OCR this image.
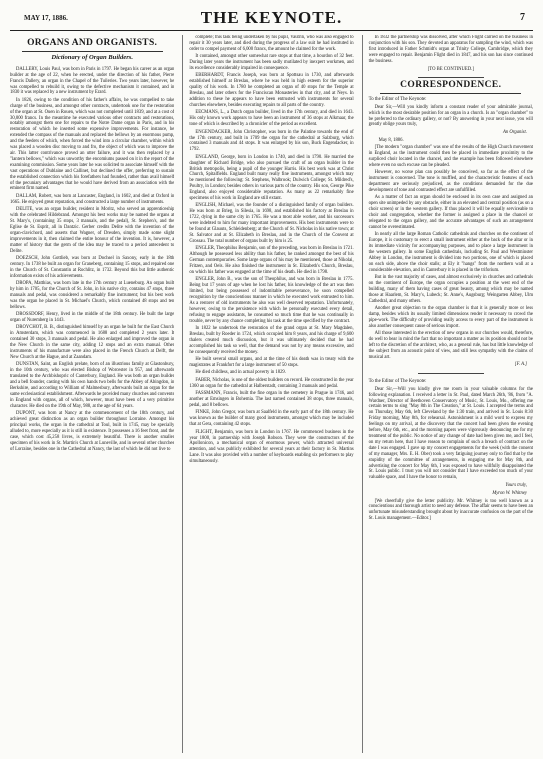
MAY 17, 1886.	THE KEYNOTE.	7
ORGANS AND ORGANISTS.
Dictionary of Organ Builders.

DALLERY, Louis Paul, was born in Paris in 1797. He began his career as an organ builder at the age of 22, when he erected, under the direction of his father, Pierre Francis Dallery, an organ in the Chapel of the Tuileries. Two years later, however, he was compelled to rebuild it, owing to the defective mechanism it contained, and in 1830 it was replaced by a new instrument by Erard.

In 1826, owing to the condition of his father's affairs, he was compelled to take charge of the business, and amongst other contracts, undertook one for the restoration of the organ at St. Ouen in Rouen, which was not completed until 1839, and at a cost of 30,000 francs. In the meantime he executed various other contracts and restorations, notably amongst them one for repairs to the Notre Dame organ in Paris, and in his restoration of which he inserted some expensive improvements. For instance, he extended the compass of the manuals and replaced the bellows by an enormous pump, and the feeders of which, when forced the wind into a circular chamber, within which was placed a wooden disc moving to and fro, the object of which was to improve the air. This latter contrivance proved an utter failure, and it was then replaced by a "lantern bellows," which was unworthy the encomiums passed on it in the report of the examining commission. Some years later he was solicited to associate himself with the vast operations of Dublaine and Callinet, but declined the offer, preferring to sustain the established connection which his forefathers had founded, rather than avail himself of the pecuniary advantages that he would have derived from an association with the eminent firm named.

DALLAM, Robert, was born at Lancaster, England, in 1602, and died at Oxford in 1665. He enjoyed great reputation, and constructed a large number of instruments.

DELITE, was an organ builder, resident in Moritz, who served an apprenticeship with the celebrated Hildebrand. Amongst his best works may be named the organs at St. Mary's, (containing 35 stops, 3 manuals, and the pedal), St. Stephen's, and the Eglise de St. Esprit, all in Dantzic. Gerber credits Delite with the invention of the organ-clavichord, and asserts that Wagner, of Dresden, simply made some slight improvements in it, then claimed the entire honour of the invention. It is, however, a matter of history that the germ of the idea may be traced to a period antecedent to Delite.

DOEZSCH, John Gottlieb, was born at Dochsel in Saxony, early in the 18th century. In 1738 he built an organ for Graneberg, containing 15 stops, and repaired one in the Church of St. Constantin at Rochlitz, in 1732. Beyond this but little authentic information exists of his achievements.

DROPA, Matthias, was born late in the 17th century at Lueneburg. An organ built by him in 1705, for the Church of St. John, in his native city, contains 47 stops, three manuals and pedal, was considered a remarkably fine instrument; but his best work was the organ he placed in St. Michael's Church, which contained 48 stops and ten bellows.

DROSSDORF, Henry, lived in the middle of the 18th century. He built the large organ of Nuremberg in 1443.

DROYCHOT, B. B., distinguished himself by an organ he built for the East Church in Amsterdam, which was commenced in 1688 and completed 2 years later. It contained 30 stops, 3 manuals and pedal. He also enlarged and improved the organ in the New Church in the same city, adding 12 stops and an extra manual. Other instruments of his manufacture were also placed in the French Church at Delft, the New Church at the Hague, and at Zaandam.

DUNSTAN, Saint, an English prelate, born of an illustrious family at Glastonbury, in the 10th century, who was elected Bishop of Worcester in 957, and afterwards translated to the Archbishopric of Canterbury, England. He was both an organ builder and a bell founder, casting with his own hands two bells for the Abbey of Abingdon, in Berkshire, and according to William of Malmesbury, afterwards built an organ for the same ecclesiastical establishment. Afterwards he provided many churches and convents in England with organs, all of which, however, must have been of a very primitive character. He died on the 19th of May, 988, at the age of 64 years.

DUPONT, was born at Nancy at the commencement of the 18th century, and achieved great distinction as an organ builder throughout Lorraine. Amongst his principal works, the organ in the cathedral at Toul, built in 1745, may be specially alluded to, more especially as it is still in existence. It possesses a 16 feet front, and the case, which cost 45,258 livres, is extremely beautiful. There is another smaller specimen of his work in St. Martin's Church at Luneville, and in several other churches of Lorraine, besides one in the Cathedral at Nancy, the last of which he did not live to

complete; this task being undertaken by his pupil, Vautrin, who was also engaged to repair it 30 years later, and died during the progress of a law suit he had instituted in order to compel payment of 6,000 francs, the amount he claimed for the work.

It contained, amongst other somewhat rare stops at that time, a bourdon of 32 feet. During later years the instrument has been sadly mutilated by inexpert workmen, and its excellence considerably impaired in consequence.

EBERHARDT, Francis Joseph, was born at Spottsau in 1730, and afterwards established himself at Breslau, where he was held in high esteem for the superior quality of his work. In 1780 he completed an organ of 40 stops for the Temple at Breslau, and later others for the Franciscan Monasteries in that city, and at Neys. In addition to these he appears to have been entrusted with instruments for several churches elsewhere, besides executing repairs to all parts of the country.

EECMANS, L., a Dutch organ builder, lived in the 17th century, and died in 1643. His only known work appears to have been an instrument of 36 stops at Alkmaar, the tone of which is described by a chronicler of the period as excellent.

ENGENDACKER, John Christopher, was born in the Palatine towards the end of the 17th century, and built in 1709 the organ for the cathedral at Salzburg, which contained 3 manuals and 44 stops. It was enlarged by his son, Buck Engendacker, in 1792.

ENGLAND, George, born in London in 1740, and died in 1790. He married the daughter of Richard Bridge, who also pursued the craft of an organ builder in the British metropolis, being a pupil of the younger Harris. His best work was at Christ Church, Spitalfields. England built many really fine instruments, amongst which may be mentioned the following: St. Stephens, Walbrook; Dulwich College; St. Mildred's, Poultry, in London; besides others in various parts of the country. His son, George Pike England, also enjoyed considerable reputation. As many as 22 remarkably fine specimens of his work in England are still extant.

ENGLISH, Michael, was the founder of a distinguished family of organ builders. He was born at Brieg, in Silesia, in 1698, and established his factory at Breslau in 1722, dying in the same city in 1765. He was a most able worker, and his successors were indebted to him for many important improvements. His best instruments were to be found at Glauuts, Schleidenberg; at the Church of St. Nicholas in his native town; at St. Salvator and at St. Elizabeth in Breslau, and in the Church of the Convent at Grossau. The total number of organs built by him is 25.

ENGLER, Theophilus Benjamin, son of the preceding, was born in Breslau in 1721. Although he possessed less ability than his father, he ranked amongst the best of his German contemporaries. Some large organs of his may be mentioned, those at Nikolai, Fritzen, and Oels. He also finished the instrument in St. Elizabeth's Church, Breslau, on which his father was engaged at the time of his death. He died in 1798.

ENGLER, John B., was the son of Theophilus, and was born in Breslau in 1775. Being but 17 years of age when he lost his father, his knowledge of the art was then limited, but being possessed of indomitable perseverance, he soon compelled recognition by the conscientious manner in which he executed work entrusted to him. As a restorer of old instruments he also was well deserved reputation. Unfortunately, however, owing to the persistence with which he personally executed every detail, refusing to engage assistants, he consumed so much time that he was continually in trouble, never by any chance completing his task at the time specified by the contract.

In 1822 he undertook the restoration of the grand organ at St. Mary Magdalen, Breslau, built by Roeder in 1724, which occupied him 8 years, and his charge of 9,600 thalers created much discussion, but it was ultimately decided that he had accomplished his task so well, that the demand was not by any means excessive, and he consequently received the money.

He built several small organs, and at the time of his death was in treaty with the magistrates at Frankfort for a large instrument of 50 stops.

He died childless, and in actual poverty in 1829.

FABER, Nicholas, is one of the oldest builders on record. He constructed in the year 1360 an organ for the cathedral at Halberstadt, containing 3 manuals and pedal.

FASSMANN, Francis, built the fine organ in the cemetery in Prague in 1746, and another at Emsingen in Bohemia. The last named contained 38 stops, three manuals, pedal, and 8 bellows.

FINKE, John Gregor, was born at Saalfeld in the early part of the 18th century. He was known as the builder of many good instruments, amongst which may be included that at Gera, containing 42 stops.

FLIGHT, Benjamin, was born in London in 1767. He commenced business in the year 1800, in partnership with Joseph Robson. They were the constructors of the Apollonicon, a mechanical organ of enormous power, which attracted universal attention, and was publicly exhibited for several years at their factory in St. Martins Lane. It was also provided with a number of keyboards enabling six performers to play simultaneously.

In 1832 the partnership was dissolved, after which Flight carried on the business in conjunction with his son. They devoted an apparatus for sampling the wind, which was first introduced in Father Schmidt's organ at Trinity College, Cambridge, which they were engaged to repair. Benjamin Flight died in 1847, and his son has since continued the business.

[TO BE CONTINUED.]

CORRESPONDENCE.

To the Editor of The Keynote:

Dear Sir,—Will you kindly inform a constant reader of your admirable journal, which is the most desirable position for an organ in a church. Is an "organ chamber" to be preferred to the ordinary gallery, or not? By answering in your next issue, you will greatly oblige yours truly,

An Organist.

May 8, 1886.

[The modern "organ chamber" was one of the results of the High Church movement in England, as the instrument could then be placed in immediate proximity to the surpliced choir located in the chancel, and the example has been followed elsewhere where even no such excuse can be pleaded.

However, no worse plan can possibly be conceived, so far as the effect of the instrument is concerned. The tone is muffled, and the characteristic features of each department are seriously prejudiced, as the conditions demanded for the due development of tone and contrasted effect are unfulfilled.

As a matter of fact an organ should be enclosed in its own case and assigned an open site unimpeded by any obstacle, either in an elevated and central position (as on a choir screen) or in the western gallery. If thus placed it will be equally serviceable to choir and congregation, whether the former is assigned a place in the chancel or relegated to the organ gallery, and the accurate advantages of such an arrangement cannot be overestimated.

In nearly all the large Roman Catholic cathedrals and churches on the continent of Europe, it is customary to erect a small instrument either at the back of the altar or in its immediate vicinity for accompanying purposes, and to place a large instrument in the western gallery. In some English cathedrals, including St. Paul and Westminster Abbey in London, the instrument is divided into two portions, one of which is placed on each side, above the choir stalls; at Ely it "hangs" from the northern wall at a considerable elevation, and in Canterbury it is placed in the triforium.

But in the vast majority of cases, and almost exclusively in churches and cathedrals on the continent of Europe, the organ occupies a position at the west end of the building, many of them having cases of great beauty, among which may be named those at Haarlem, St. Mary's, Lubeck; St. Anne's, Augsburg; Weingarten Abbey, Ulm Cathedral, and many others.

Another great objection to the organ chamber is that it is generally more or less damp, besides which its usually limited dimensions render it necessary to crowd the pipe-work. The difficulty of providing really access to every part of the instrument is also another consequent cause of serious import.

All those interested in the erection of new organs in our churches would, therefore, do well to bear in mind the fact that no important a matter as its position should not be left to the discretion of the architect, who, as a general rule, has but little knowledge of the subject from an acoustic point of view, and still less sympathy with the claims of musical art.

[F. A.]

To the Editor of The Keynote:

Dear Sir,—Will you kindly give me room in your valuable columns for the following explanation. I received a letter in St. Paul, dated March 26th, '86, from "A. Wardner, Director of Beethoven Conservatory of Music, St. Louis, Mo., offering me certain terms to sing "May 8th in The Creation," at St. Louis. I accepted the terms and on Thursday, May 6th, left Cleveland by the 1:30 train, and arrived in St. Louis 8:30 Friday morning, May 8th, for rehearsal. Astonishment is a mild word to express my feelings on my arrival, at the discovery that the concert had been given the evening before, May 6th, etc., and the morning papers were vigorously denouncing me for my treatment of the public. No notice of any change of date had been given me, and I feel, on my return here, that I have reason to complain of such a breach of contract on the date I was engaged. I gave up my concert engagements for the week (with the consent of my manager, Mrs. E. H. Ober) took a very fatiguing journey only to find that by the stupidity of the committee of arrangements, in engaging me for May 8th, and advertising the concert for May 6th, I was exposed to have willfully disappointed the St. Louis public. I trust you will not consider that I have exceeded too much of your valuable space, and I have the honor to remain,

Yours truly,

Myron W. Whitney

[We cheerfully give the letter publicity. Mr. Whitney is too well known as a conscientious and thorough artist to need any defense. The affair seems to have been an unfortunate misunderstanding brought about by inaccurate confusion on the part of the St. Louis management.—Editor.]
